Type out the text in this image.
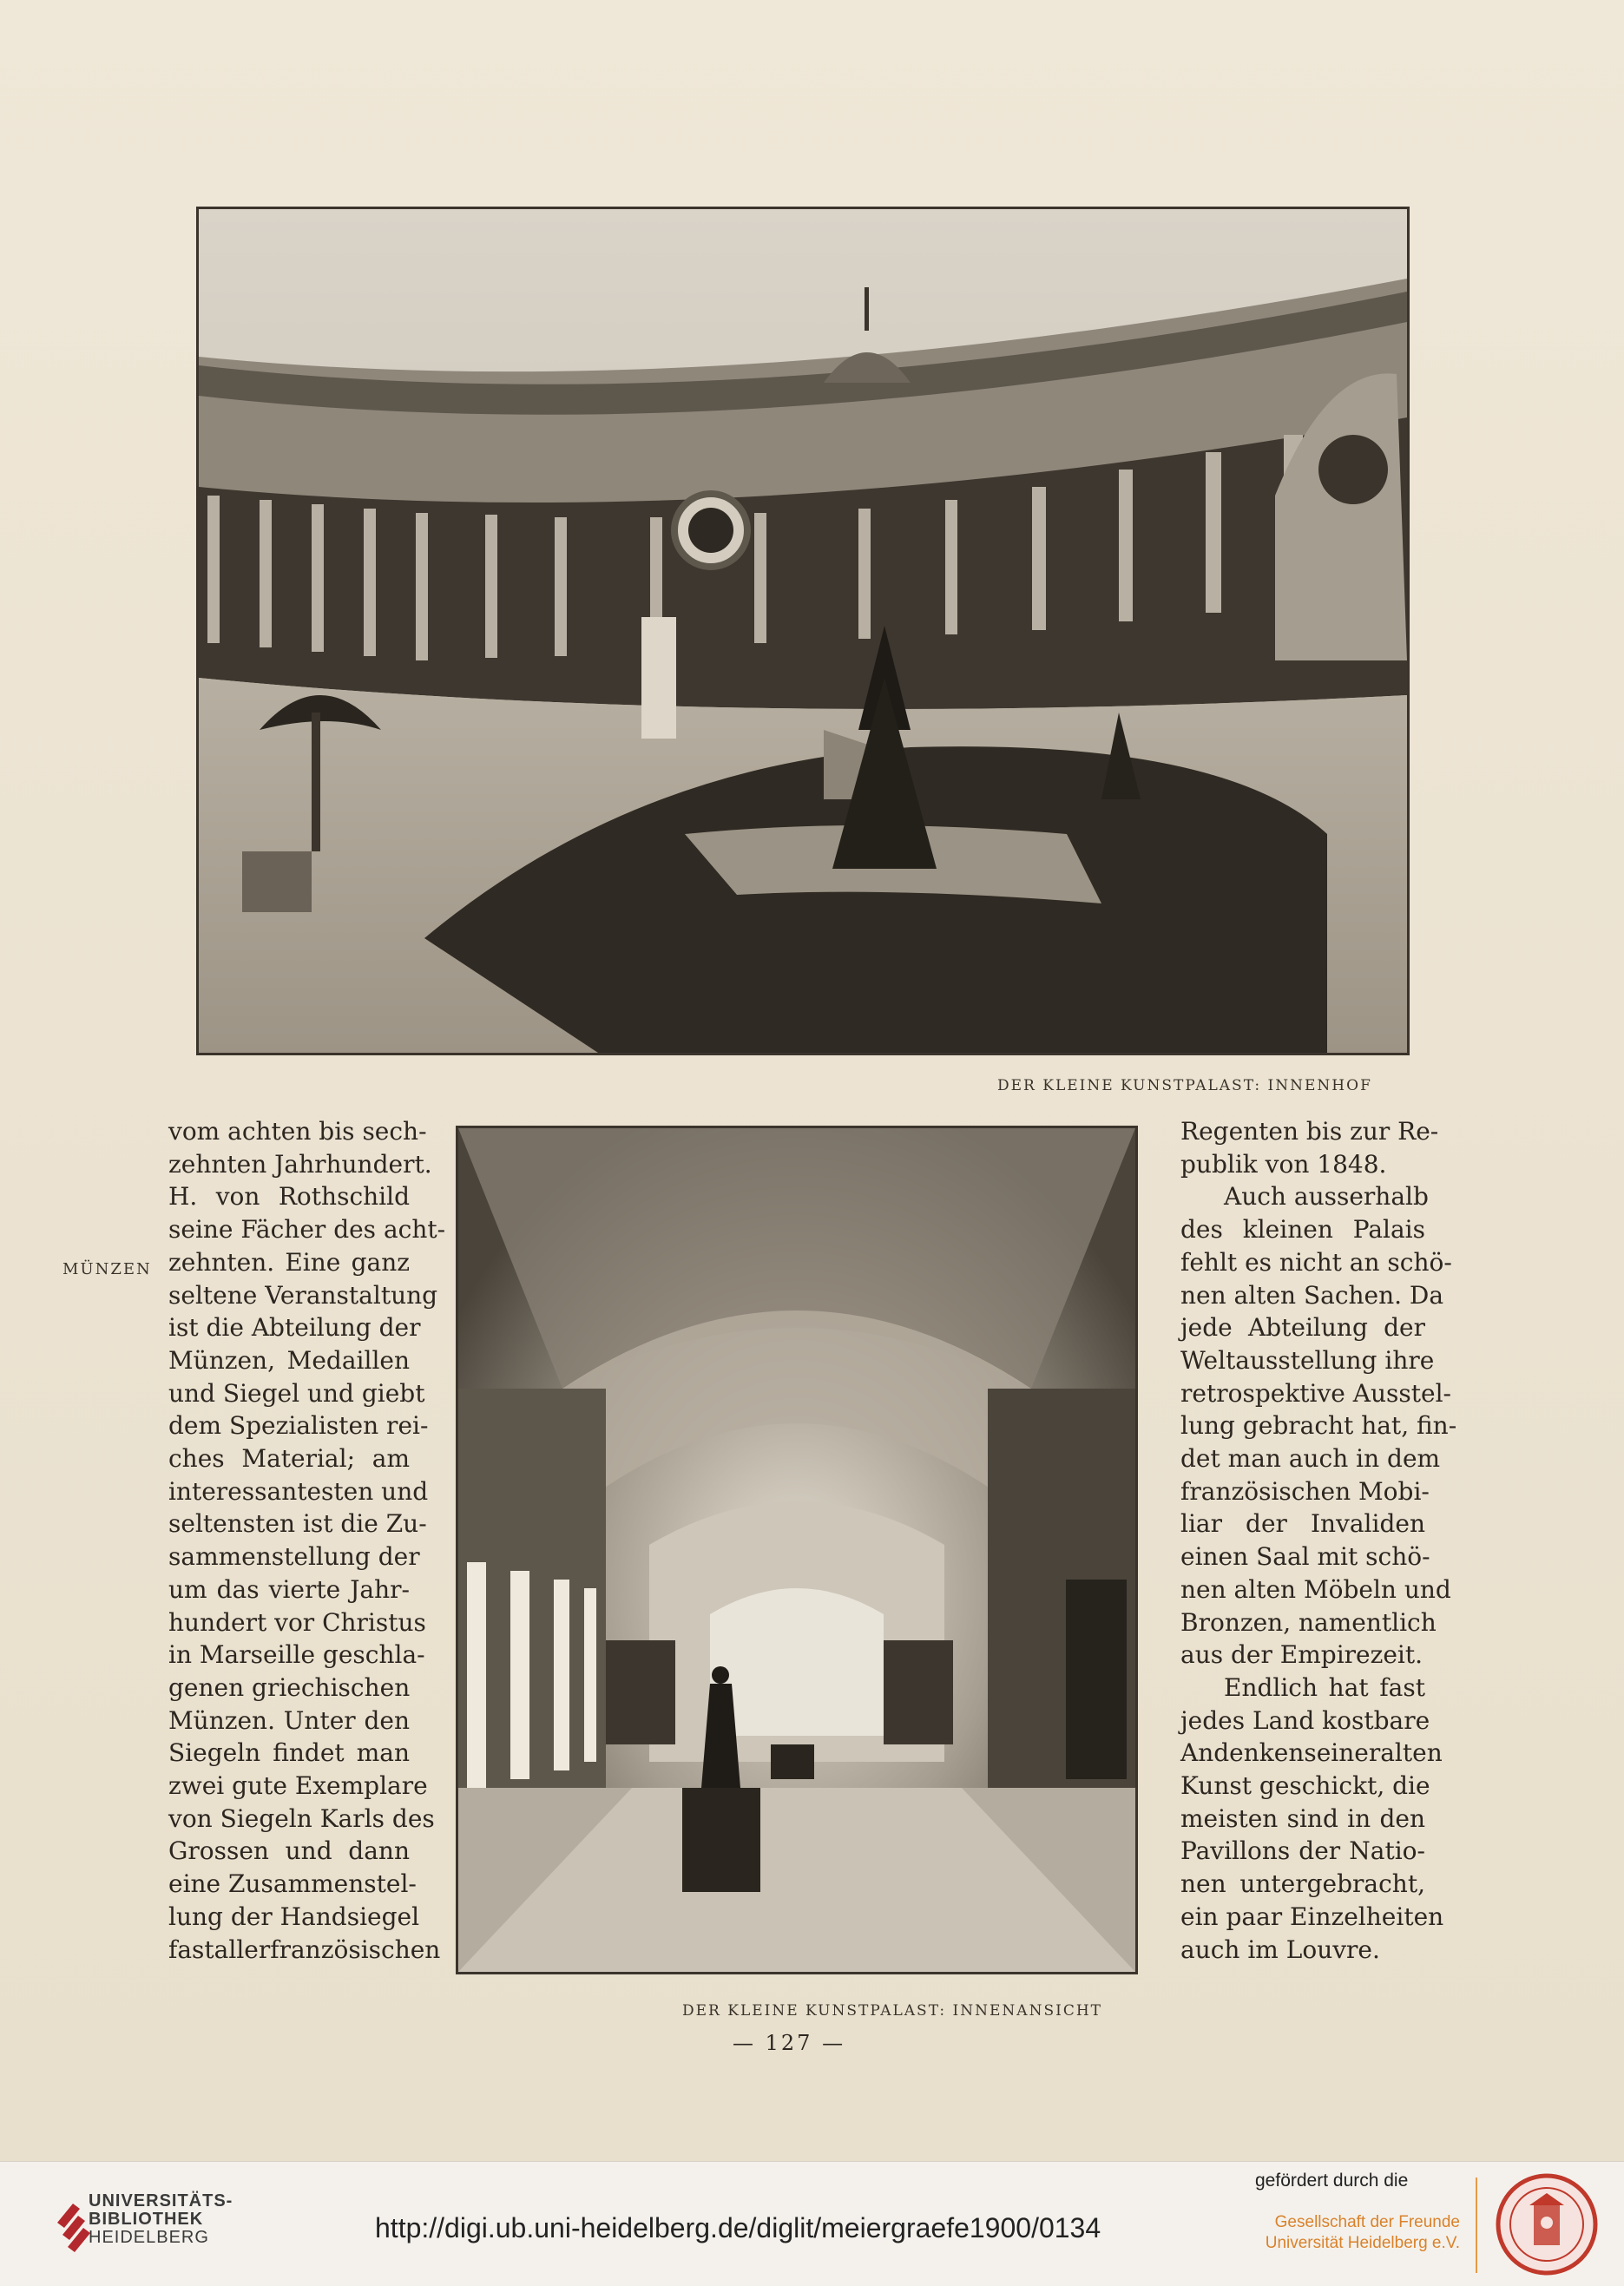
DER KLEINE KUNSTPALAST: INNENHOF
MÜNZEN
vom achten bis sech-
zehnten Jahrhundert.
H. von Rothschild
seine Fächer des acht-
zehnten. Eine ganz
seltene Veranstaltung
ist die Abteilung der
Münzen, Medaillen
und Siegel und giebt
dem Spezialisten rei-
ches Material; am
interessantesten und
seltensten ist die Zu-
sammenstellung der
um das vierte Jahr-
hundert vor Christus
in Marseille geschla-
genen griechischen
Münzen. Unter den
Siegeln findet man
zwei gute Exemplare
von Siegeln Karls des
Grossen und dann
eine Zusammenstel-
lung der Handsiegel
fastallerfranzösischen
DER KLEINE KUNSTPALAST: INNENANSICHT
Regenten bis zur Re-
publik von 1848.
Auch ausserhalb
des kleinen Palais
fehlt es nicht an schö-
nen alten Sachen. Da
jede Abteilung der
Weltausstellung ihre
retrospektive Ausstel-
lung gebracht hat, fin-
det man auch in dem
französischen Mobi-
liar der Invaliden
einen Saal mit schö-
nen alten Möbeln und
Bronzen, namentlich
aus der Empirezeit.
Endlich hat fast
jedes Land kostbare
Andenkenseineralten
Kunst geschickt, die
meisten sind in den
Pavillons der Natio-
nen untergebracht,
ein paar Einzelheiten
auch im Louvre.
— 127 —
UNIVERSITÄTS-
BIBLIOTHEK
HEIDELBERG	http://digi.ub.uni-heidelberg.de/diglit/meiergraefe1900/0134
gefördert durch die
Gesellschaft der Freunde
Universität Heidelberg e.V.
